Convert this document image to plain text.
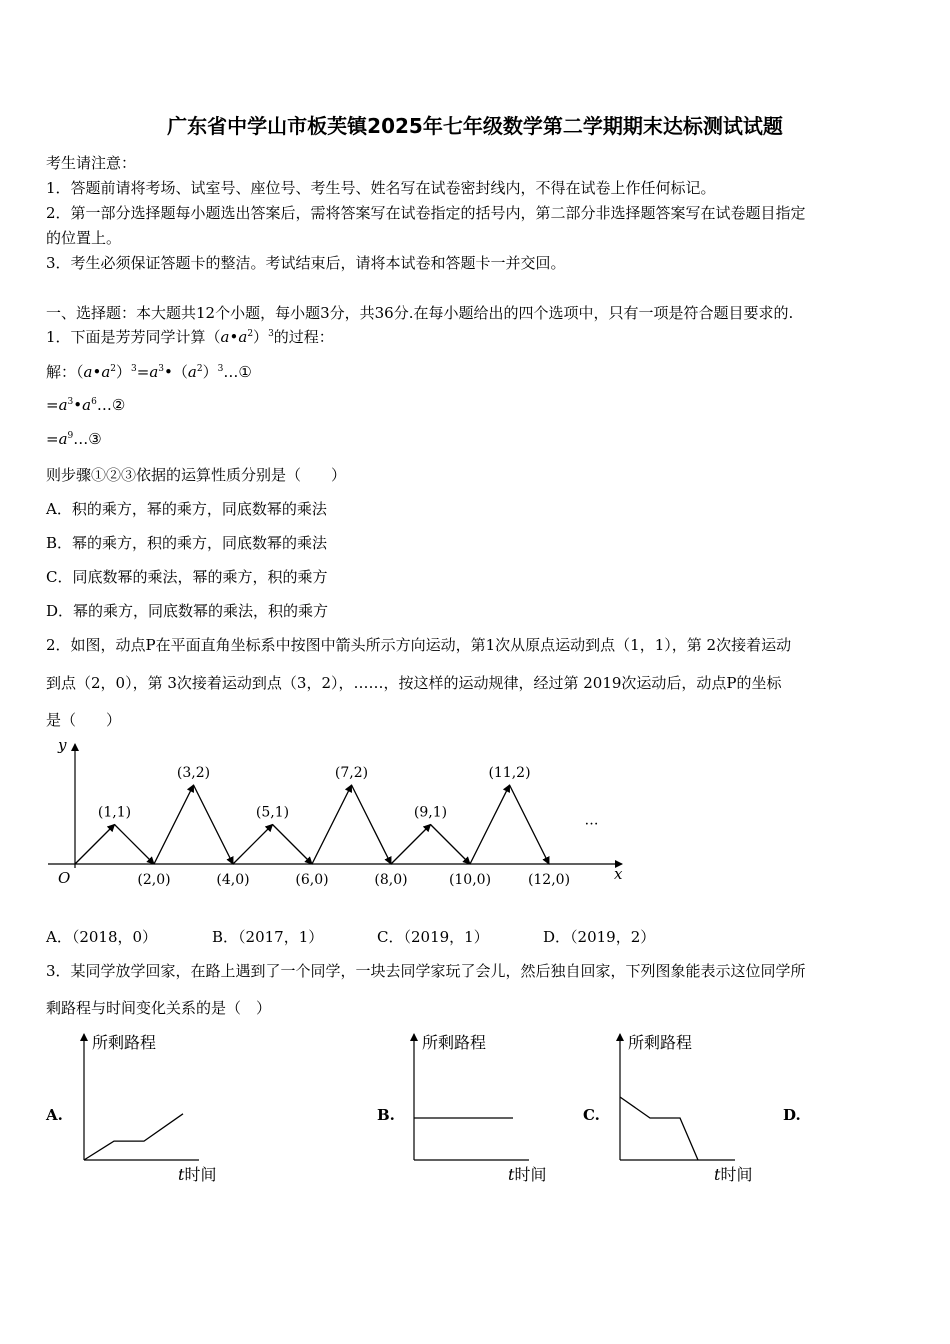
广东省中学山市板芙镇2025年七年级数学第二学期期末达标测试试题
考生请注意：
1．答题前请将考场、试室号、座位号、考生号、姓名写在试卷密封线内，不得在试卷上作任何标记。
2．第一部分选择题每小题选出答案后，需将答案写在试卷指定的括号内，第二部分非选择题答案写在试卷题目指定
的位置上。
3．考生必须保证答题卡的整洁。考试结束后，请将本试卷和答题卡一并交回。
一、选择题：本大题共12个小题，每小题3分，共36分.在每小题给出的四个选项中，只有一项是符合题目要求的.
1．下面是芳芳同学计算$(a•a^2)^3$的过程：
解：$(a•a^2)^3=a^3•(a^2)^3\dots ①$
$=a^3•a^6\dots ②$
$=a^9\dots ③$
则步骤①②③依据的运算性质分别是（　　）
A．积的乘方，幂的乘方，同底数幂的乘法
B．幂的乘方，积的乘方，同底数幂的乘法
C．同底数幂的乘法，幂的乘方，积的乘方
D．幂的乘方，同底数幂的乘法，积的乘方
2．如图，动点P在平面直角坐标系中按图中箭头所示方向运动，第1次从原点运动到点（1，1），第 2次接着运动
到点（2，0），第 3次接着运动到点（3，2），……，按这样的运动规律，经过第 2019次运动后，动点P的坐标
是（　　）
x
y
O
(1,1)
(2,0)
(3,2)
(4,0)
(5,1)
(6,0)
(7,2)
(8,0)
(9,1)
(10,0)
(11,2)
(12,0)
…
A．（2018，0）	B．（2017，1）	C．（2019，1）	D．（2019，2）
3．某同学放学回家，在路上遇到了一个同学，一块去同学家玩了会儿，然后独自回家，下列图象能表示这位同学所
剩路程与时间变化关系的是（　）
A.	B.	C.	D.
所剩路程
t时间
所剩路程
t时间
所剩路程
t时间
